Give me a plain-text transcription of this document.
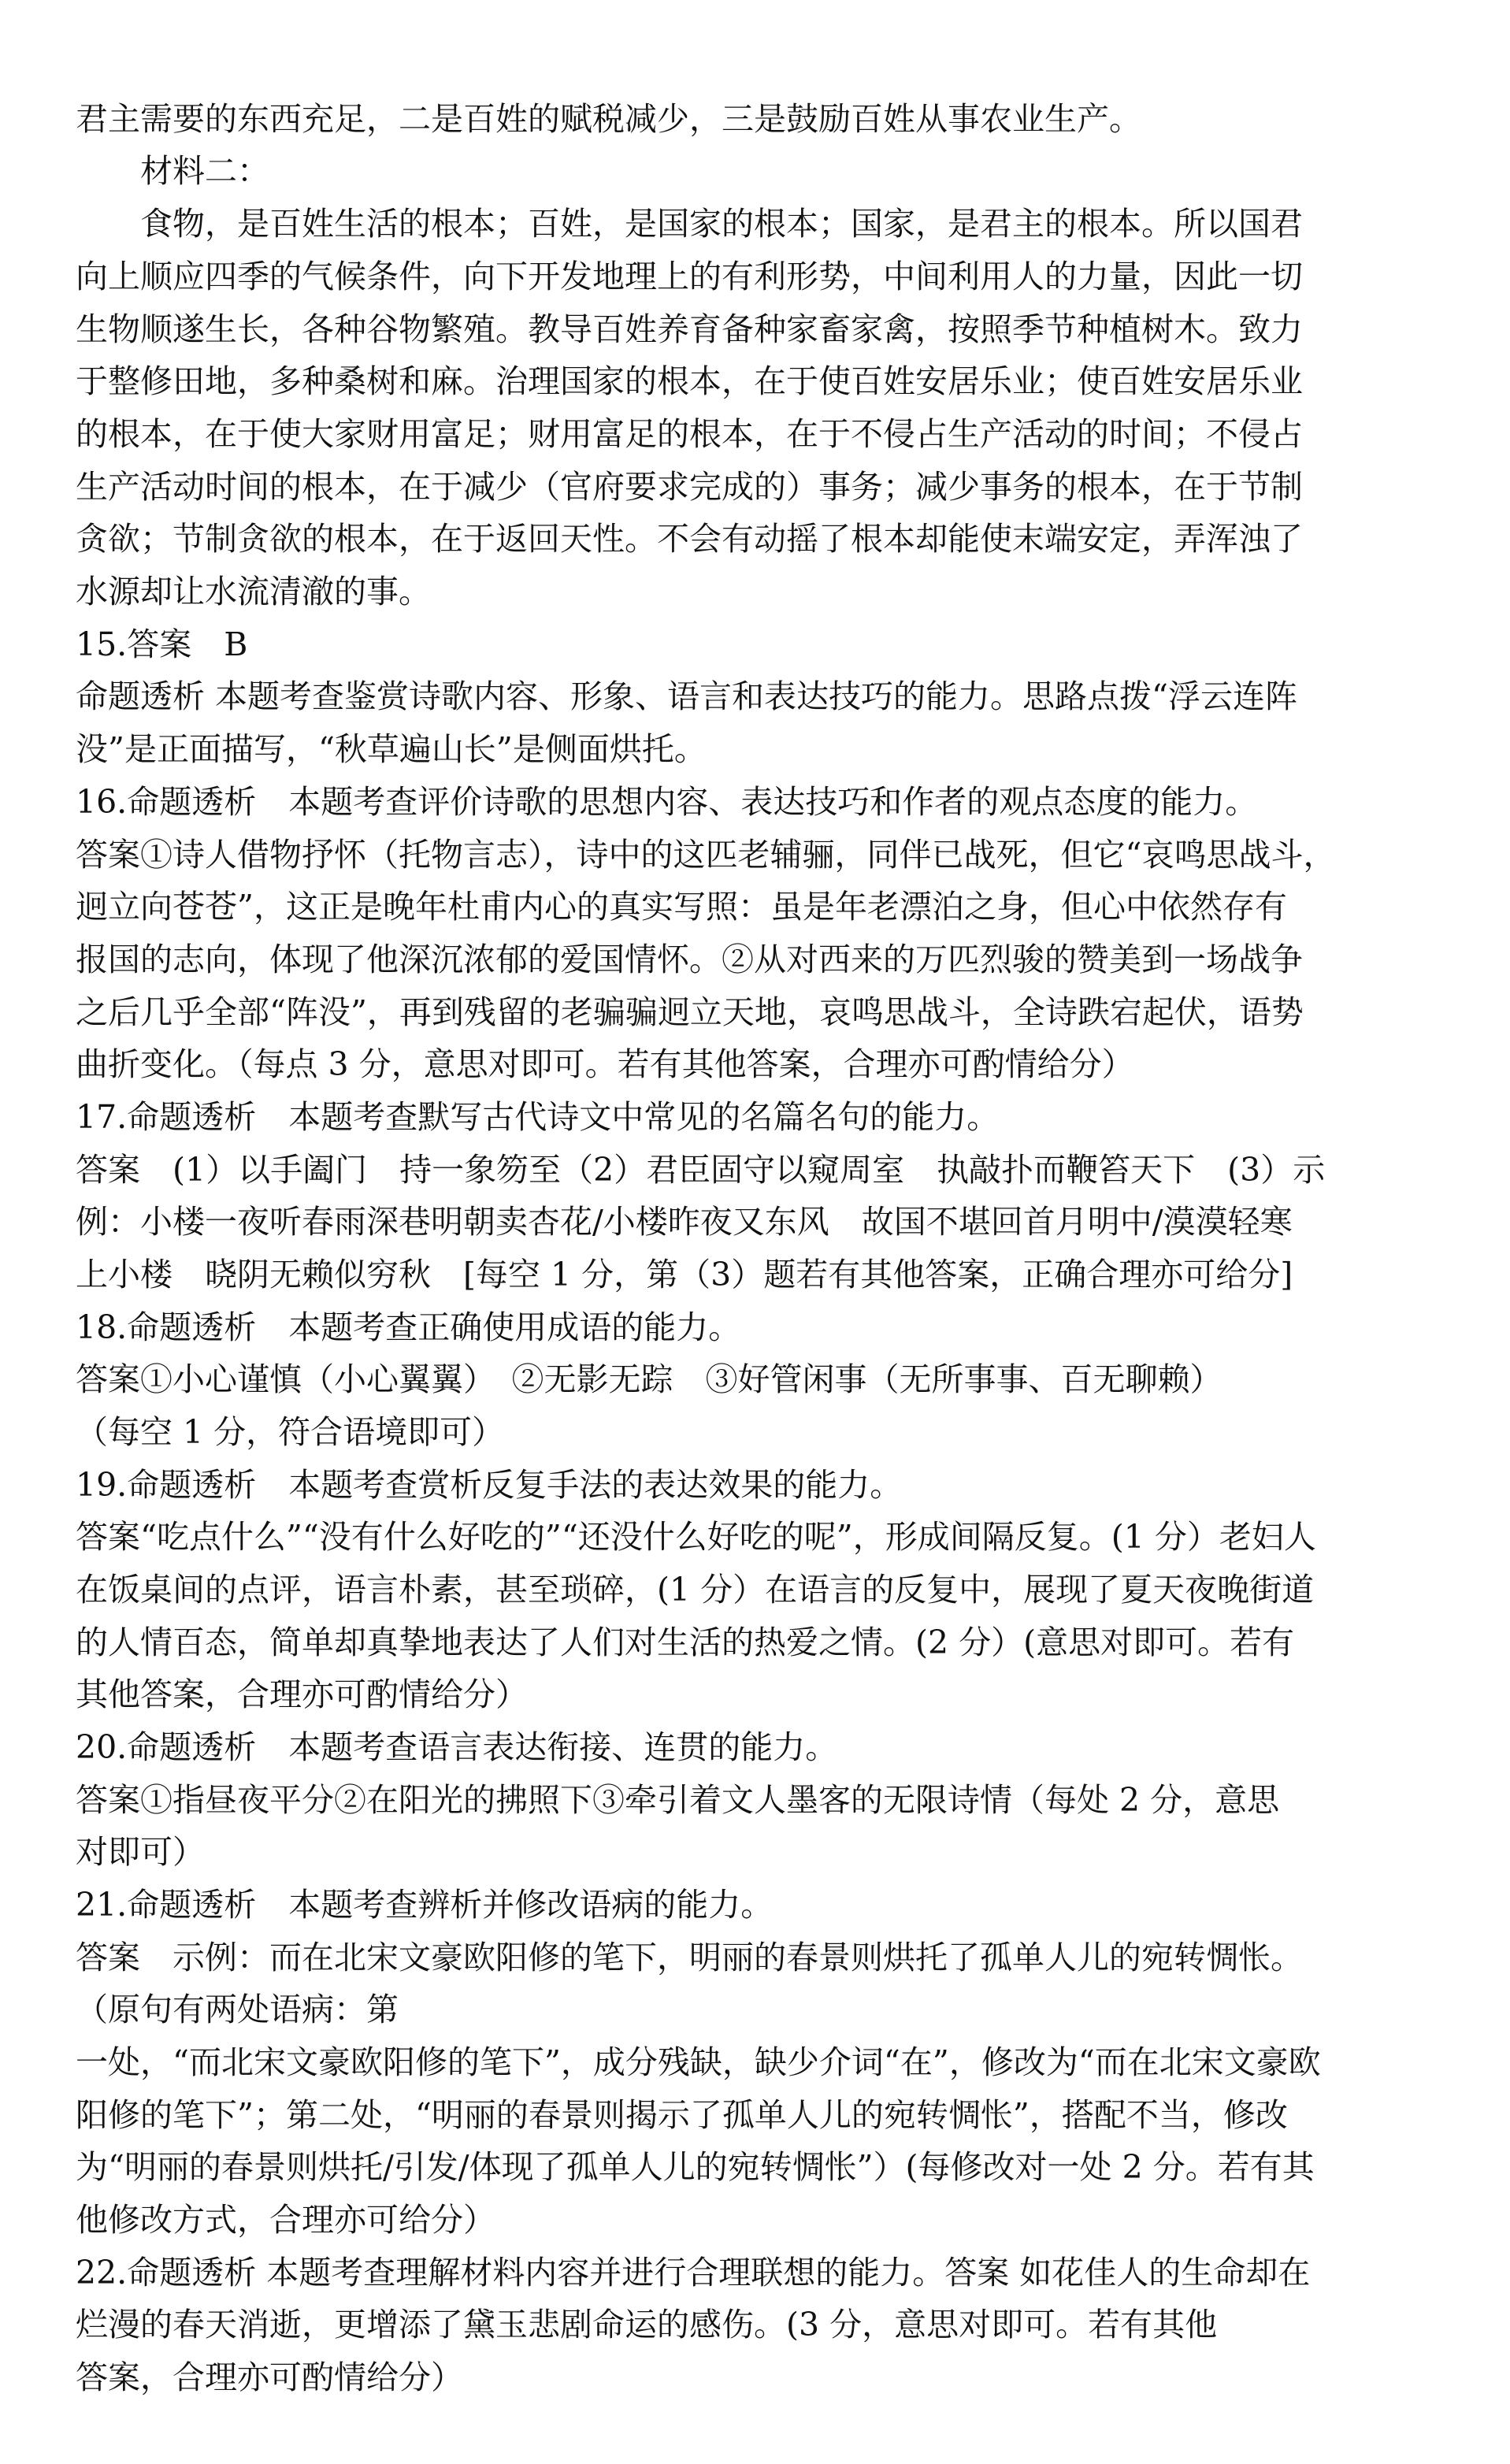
君主需要的东西充足，二是百姓的赋税减少，三是鼓励百姓从事农业生产。
材料二：
食物，是百姓生活的根本；百姓，是国家的根本；国家，是君主的根本。所以国君
向上顺应四季的气候条件，向下开发地理上的有利形势，中间利用人的力量，因此一切
生物顺遂生长，各种谷物繁殖。教导百姓养育备种家畜家禽，按照季节种植树木。致力
于整修田地，多种桑树和麻。治理国家的根本，在于使百姓安居乐业；使百姓安居乐业
的根本，在于使大家财用富足；财用富足的根本，在于不侵占生产活动的时间；不侵占
生产活动时间的根本，在于减少（官府要求完成的）事务；减少事务的根本，在于节制
贪欲；节制贪欲的根本，在于返回天性。不会有动摇了根本却能使末端安定，弄浑浊了
水源却让水流清澈的事。
15.答案　B
命题透析 本题考查鉴赏诗歌内容、形象、语言和表达技巧的能力。思路点拨“浮云连阵
没”是正面描写，“秋草遍山长”是侧面烘托。
16.命题透析　本题考查评价诗歌的思想内容、表达技巧和作者的观点态度的能力。
答案①诗人借物抒怀（托物言志），诗中的这匹老辅骊，同伴已战死，但它“哀鸣思战斗，
迥立向苍苍”，这正是晚年杜甫内心的真实写照：虽是年老漂泊之身，但心中依然存有
报国的志向，体现了他深沉浓郁的爱国情怀。②从对西来的万匹烈骏的赞美到一场战争
之后几乎全部“阵没”，再到残留的老骗骗迥立天地，哀鸣思战斗，全诗跌宕起伏，语势
曲折变化。（每点 3 分，意思对即可。若有其他答案，合理亦可酌情给分）
17.命题透析　本题考查默写古代诗文中常见的名篇名句的能力。
答案　(1）以手阖门　持一象笏至（2）君臣固守以窥周室　执敲扑而鞭笞天下　(3）示
例：小楼一夜听春雨深巷明朝卖杏花/小楼昨夜又东风　故国不堪回首月明中/漠漠轻寒
上小楼　晓阴无赖似穷秋　[每空 1 分，第（3）题若有其他答案，正确合理亦可给分]
18.命题透析　本题考查正确使用成语的能力。
答案①小心谨慎（小心翼翼）　②无影无踪　③好管闲事（无所事事、百无聊赖）
（每空 1 分，符合语境即可）
19.命题透析　本题考查赏析反复手法的表达效果的能力。
答案“吃点什么”“没有什么好吃的”“还没什么好吃的呢”，形成间隔反复。(1 分）老妇人
在饭桌间的点评，语言朴素，甚至琐碎，(1 分）在语言的反复中，展现了夏天夜晚街道
的人情百态，简单却真挚地表达了人们对生活的热爱之情。(2 分）(意思对即可。若有
其他答案，合理亦可酌情给分）
20.命题透析　本题考查语言表达衔接、连贯的能力。
答案①指昼夜平分②在阳光的拂照下③牵引着文人墨客的无限诗情（每处 2 分，意思
对即可）
21.命题透析　本题考查辨析并修改语病的能力。
答案　示例：而在北宋文豪欧阳修的笔下，明丽的春景则烘托了孤单人儿的宛转惆怅。
（原句有两处语病：第
一处，“而北宋文豪欧阳修的笔下”，成分残缺，缺少介词“在”，修改为“而在北宋文豪欧
阳修的笔下”；第二处，“明丽的春景则揭示了孤单人儿的宛转惆怅”，搭配不当，修改
为“明丽的春景则烘托/引发/体现了孤单人儿的宛转惆怅”）(每修改对一处 2 分。若有其
他修改方式，合理亦可给分）
22.命题透析 本题考查理解材料内容并进行合理联想的能力。答案 如花佳人的生命却在
烂漫的春天消逝，更增添了黛玉悲剧命运的感伤。(3 分，意思对即可。若有其他
答案，合理亦可酌情给分）
